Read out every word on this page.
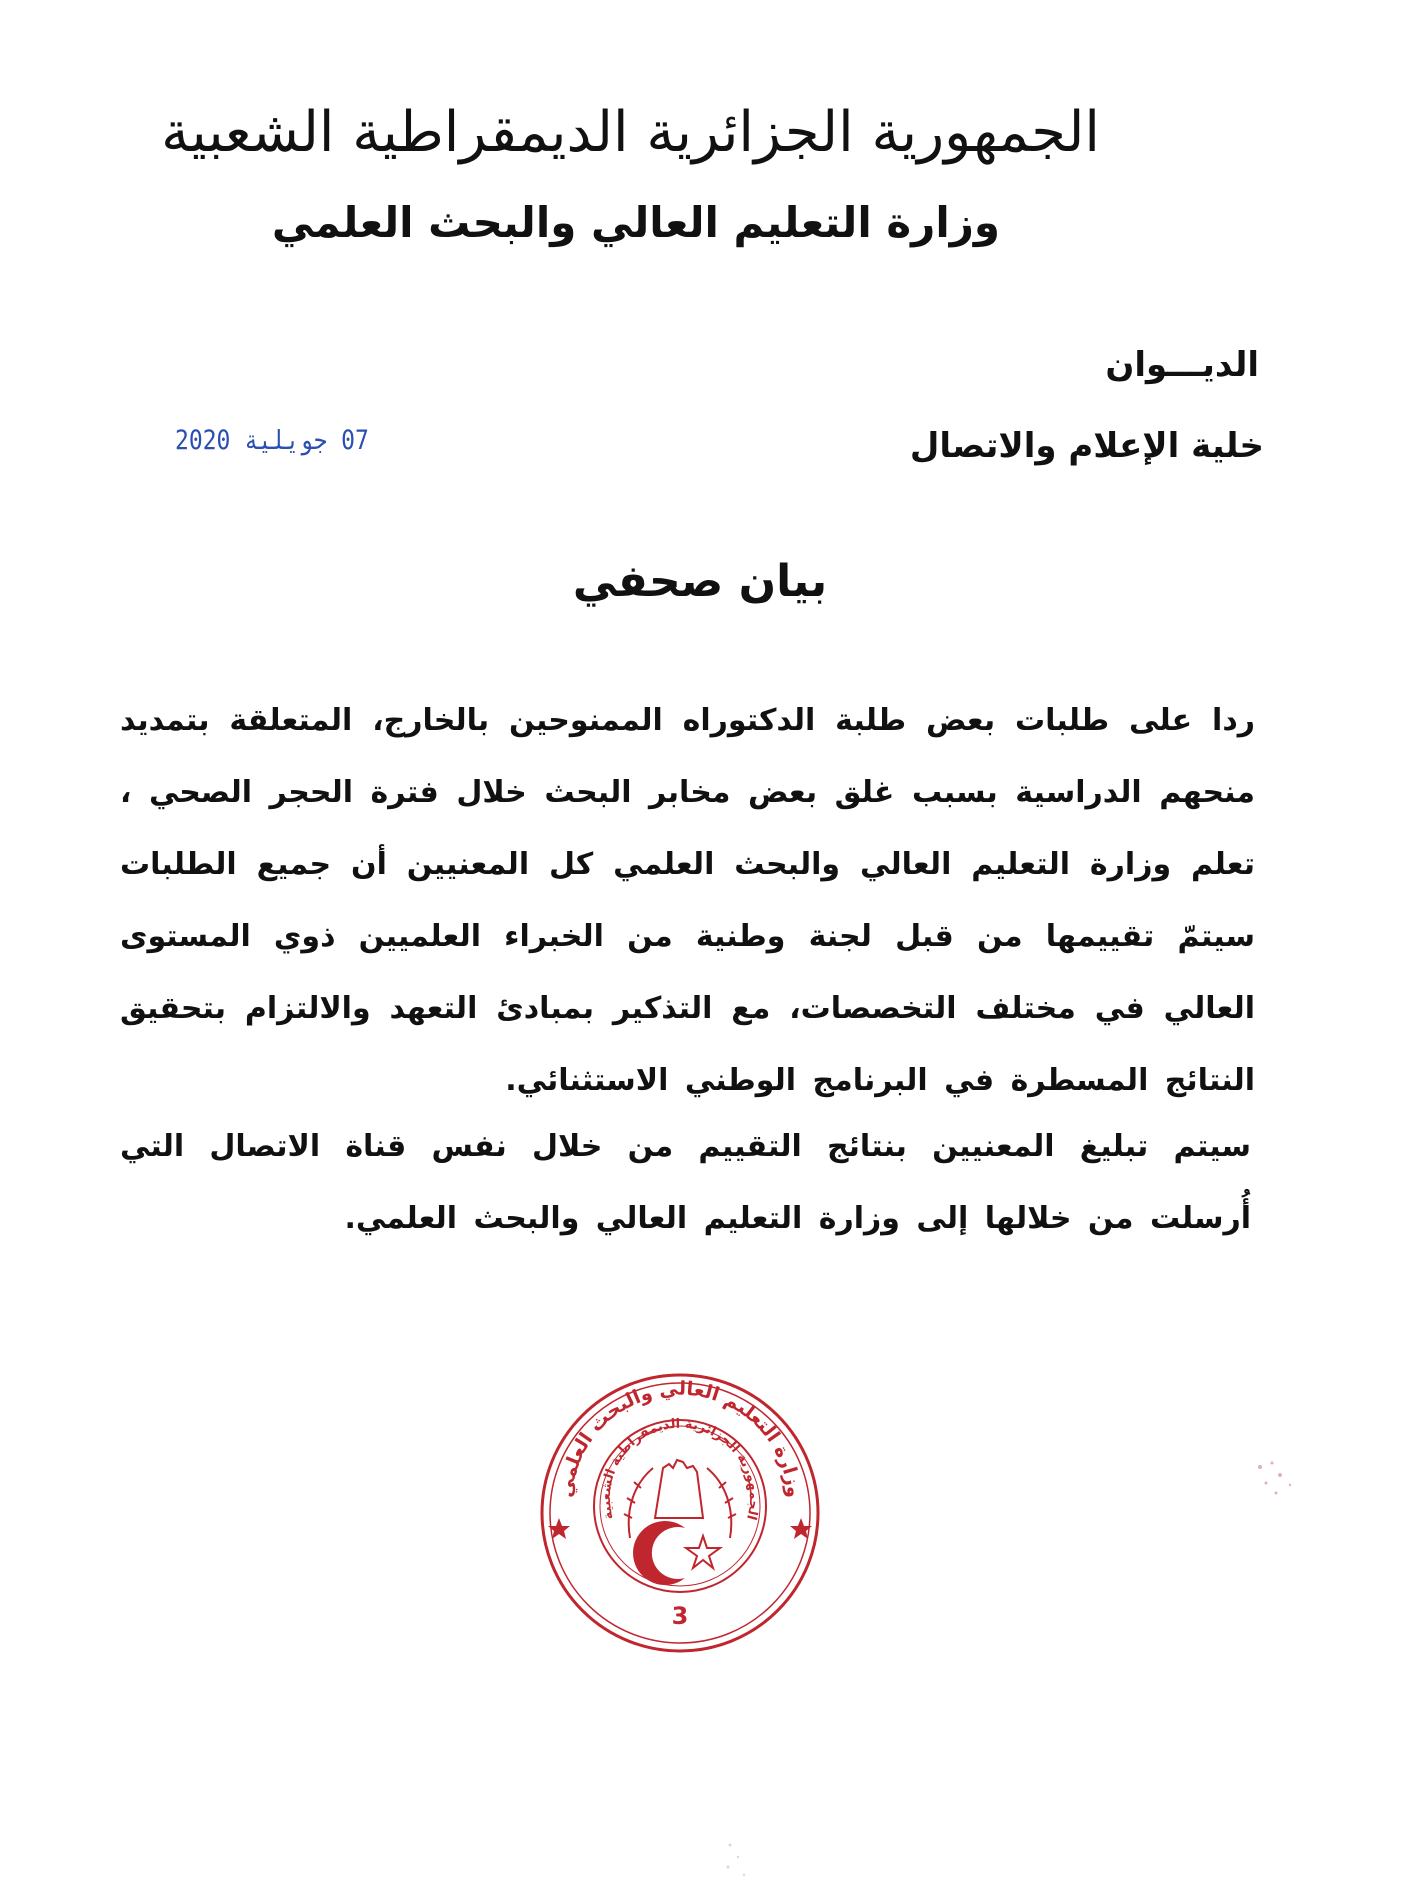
الجمهورية الجزائرية الديمقراطية الشعبية
وزارة التعليم العالي والبحث العلمي
الديـــوان
خلية الإعلام والاتصال
07 جويلية 2020
بيان صحفي

ردا على طلبات بعض طلبة الدكتوراه الممنوحين بالخارج، المتعلقة بتمديد منحهم الدراسية بسبب غلق بعض مخابر البحث خلال فترة الحجر الصحي ، تعلم وزارة التعليم العالي والبحث العلمي كل المعنيين أن جميع الطلبات سيتمّ تقييمها من قبل لجنة وطنية من الخبراء العلميين ذوي المستوى العالي في مختلف التخصصات، مع التذكير بمبادئ التعهد والالتزام بتحقيق النتائج المسطرة في البرنامج الوطني الاستثنائي.

سيتم تبليغ المعنيين بنتائج التقييم من خلال نفس قناة الاتصال التي أُرسلت من خلالها إلى وزارة التعليم العالي والبحث العلمي.

وزارة التعليم العالي والبحث العلمي
الجمهورية الجزائرية الديمقراطية الشعبية
3
